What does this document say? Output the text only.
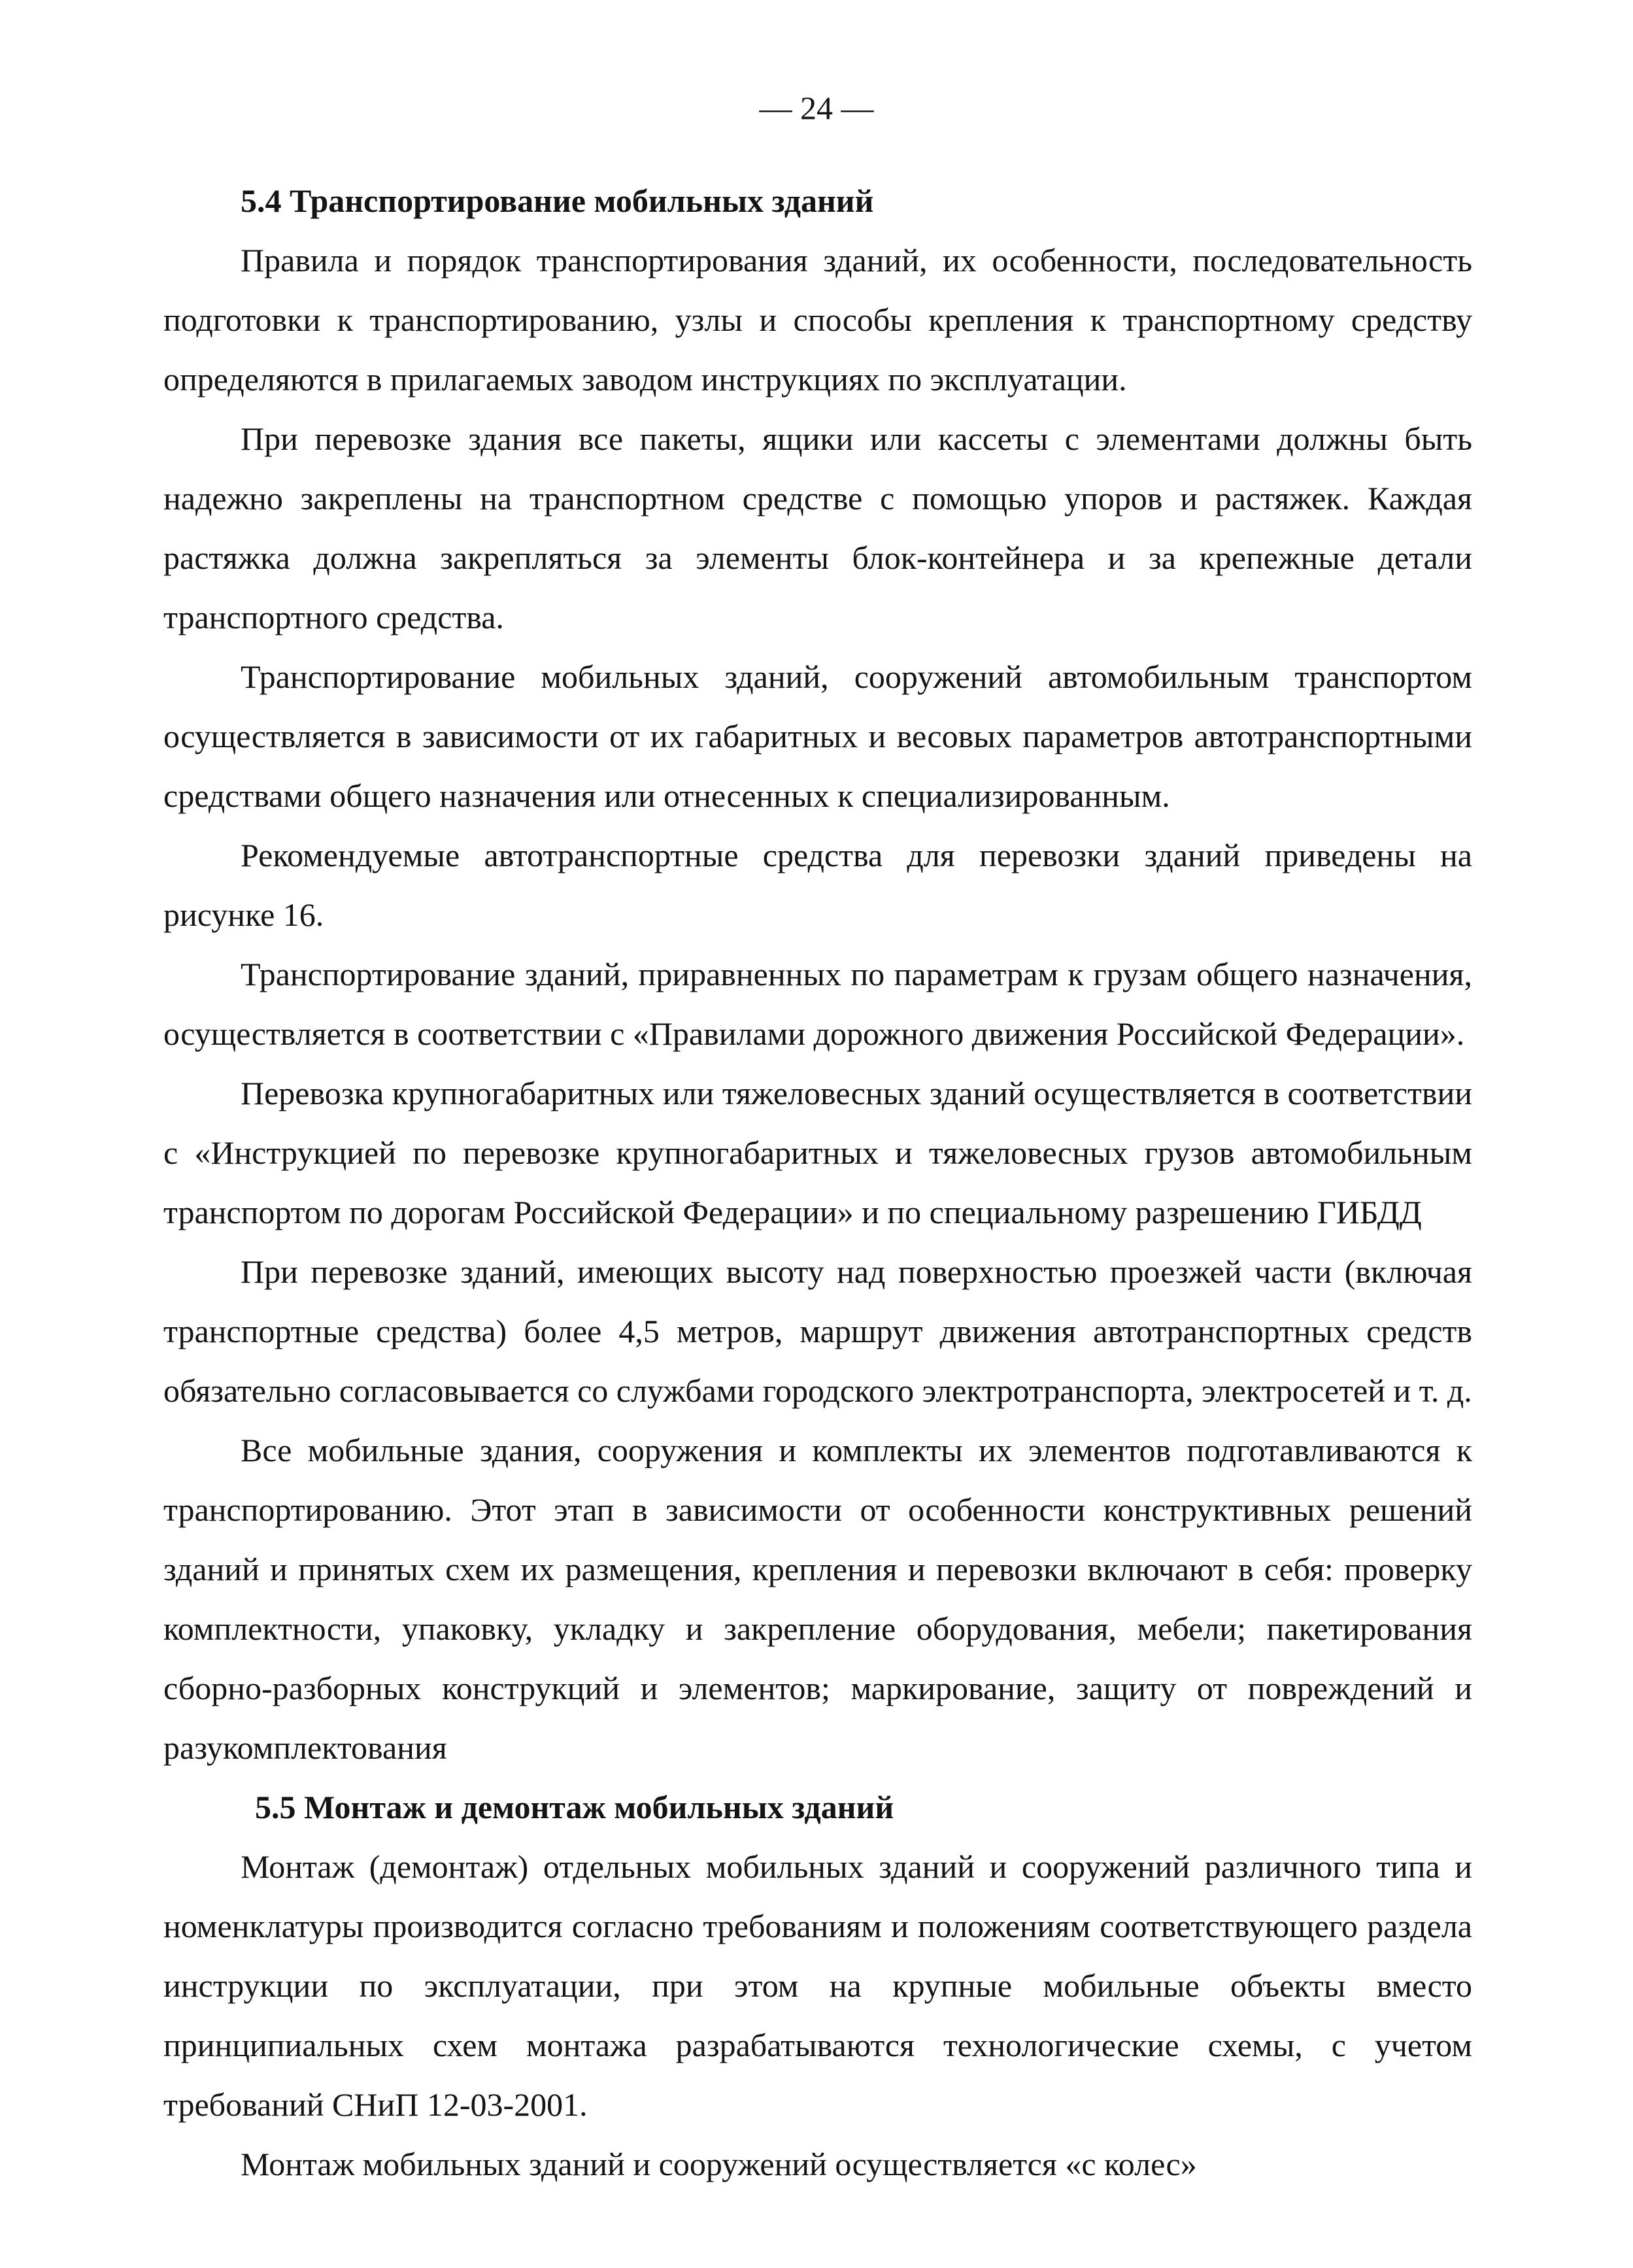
— 24 —
5.4 Транспортирование мобильных зданий

Правила и порядок транспортирования зданий, их особенности, последовательность подготовки к транспортированию, узлы и способы крепления к транспортному средству определяются в прилагаемых заводом инструкциях по эксплуатации.

При перевозке здания все пакеты, ящики или кассеты с элементами должны быть надежно закреплены на транспортном средстве с помощью упоров и растяжек. Каждая растяжка должна закрепляться за элементы блок-контейнера и за крепежные детали транспортного средства.

Транспортирование мобильных зданий, сооружений автомобильным транспортом осуществляется в зависимости от их габаритных и весовых параметров автотранспортными средствами общего назначения или отнесенных к специализированным.

Рекомендуемые автотранспортные средства для перевозки зданий приведены на рисунке 16.

Транспортирование зданий, приравненных по параметрам к грузам общего назначения, осуществляется в соответствии с «Правилами дорожного движения Российской Федерации».

Перевозка крупногабаритных или тяжеловесных зданий осуществляется в соответствии с «Инструкцией по перевозке крупногабаритных и тяжеловесных грузов автомобильным транспортом по дорогам Российской Федерации» и по специальному разрешению ГИБДД

При перевозке зданий, имеющих высоту над поверхностью проезжей части (включая транспортные средства) более 4,5 метров, маршрут движения автотранспортных средств обязательно согласовывается со службами городского электротранспорта, электросетей и т. д.

Все мобильные здания, сооружения и комплекты их элементов подготавливаются к транспортированию. Этот этап в зависимости от особенности конструктивных решений зданий и принятых схем их размещения, крепления и перевозки включают в себя: проверку комплектности, упаковку, укладку и закрепление оборудования, мебели; пакетирования сборно-разборных конструкций и элементов; маркирование, защиту от повреждений и разукомплектования

5.5 Монтаж и демонтаж мобильных зданий

Монтаж (демонтаж) отдельных мобильных зданий и сооружений различного типа и номенклатуры производится согласно требованиям и положениям соответствующего раздела инструкции по эксплуатации, при этом на крупные мобильные объекты вместо принципиальных схем монтажа разрабатываются технологические схемы, с учетом требований СНиП 12-03-2001.

Монтаж мобильных зданий и сооружений осуществляется «с колес»
